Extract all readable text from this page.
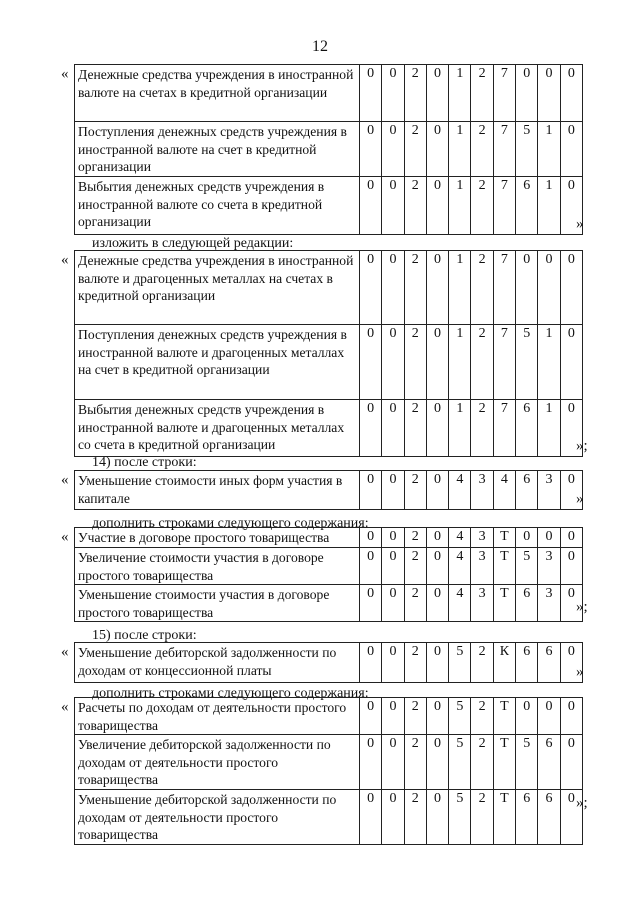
12
« Денежные средства учреждения в иностранной валюте на счетах в кредитной организации	0	0	2	0	1	2	7	0	0	0
Поступления денежных средств учреждения в иностранной валюте на счет в кредитной организации	0	0	2	0	1	2	7	5	1	0
Выбытия денежных средств учреждения в иностранной валюте со счета в кредитной организации	0	0	2	0	1	2	7	6	1	0
»
изложить в следующей редакции:
« Денежные средства учреждения в иностранной валюте и драгоценных металлах на счетах в кредитной организации	0	0	2	0	1	2	7	0	0	0
Поступления денежных средств учреждения в иностранной валюте и драгоценных металлах на счет в кредитной организации	0	0	2	0	1	2	7	5	1	0
Выбытия денежных средств учреждения в иностранной валюте и драгоценных металлах со счета в кредитной организации	0	0	2	0	1	2	7	6	1	0
»;
14) после строки:
« Уменьшение стоимости иных форм участия в капитале	0	0	2	0	4	3	4	6	3	0
»
дополнить строками следующего содержания:
« Участие в договоре простого товарищества	0	0	2	0	4	3	Т	0	0	0
Увеличение стоимости участия в договоре простого товарищества	0	0	2	0	4	3	Т	5	3	0
Уменьшение стоимости участия в договоре простого товарищества	0	0	2	0	4	3	Т	6	3	0
»;
15) после строки:
« Уменьшение дебиторской задолженности по доходам от концессионной платы	0	0	2	0	5	2	К	6	6	0
»
дополнить строками следующего содержания:
« Расчеты по доходам от деятельности простого товарищества	0	0	2	0	5	2	Т	0	0	0
Увеличение дебиторской задолженности по доходам от деятельности простого товарищества	0	0	2	0	5	2	Т	5	6	0
Уменьшение дебиторской задолженности по доходам от деятельности простого товарищества	0	0	2	0	5	2	Т	6	6	0 »;
